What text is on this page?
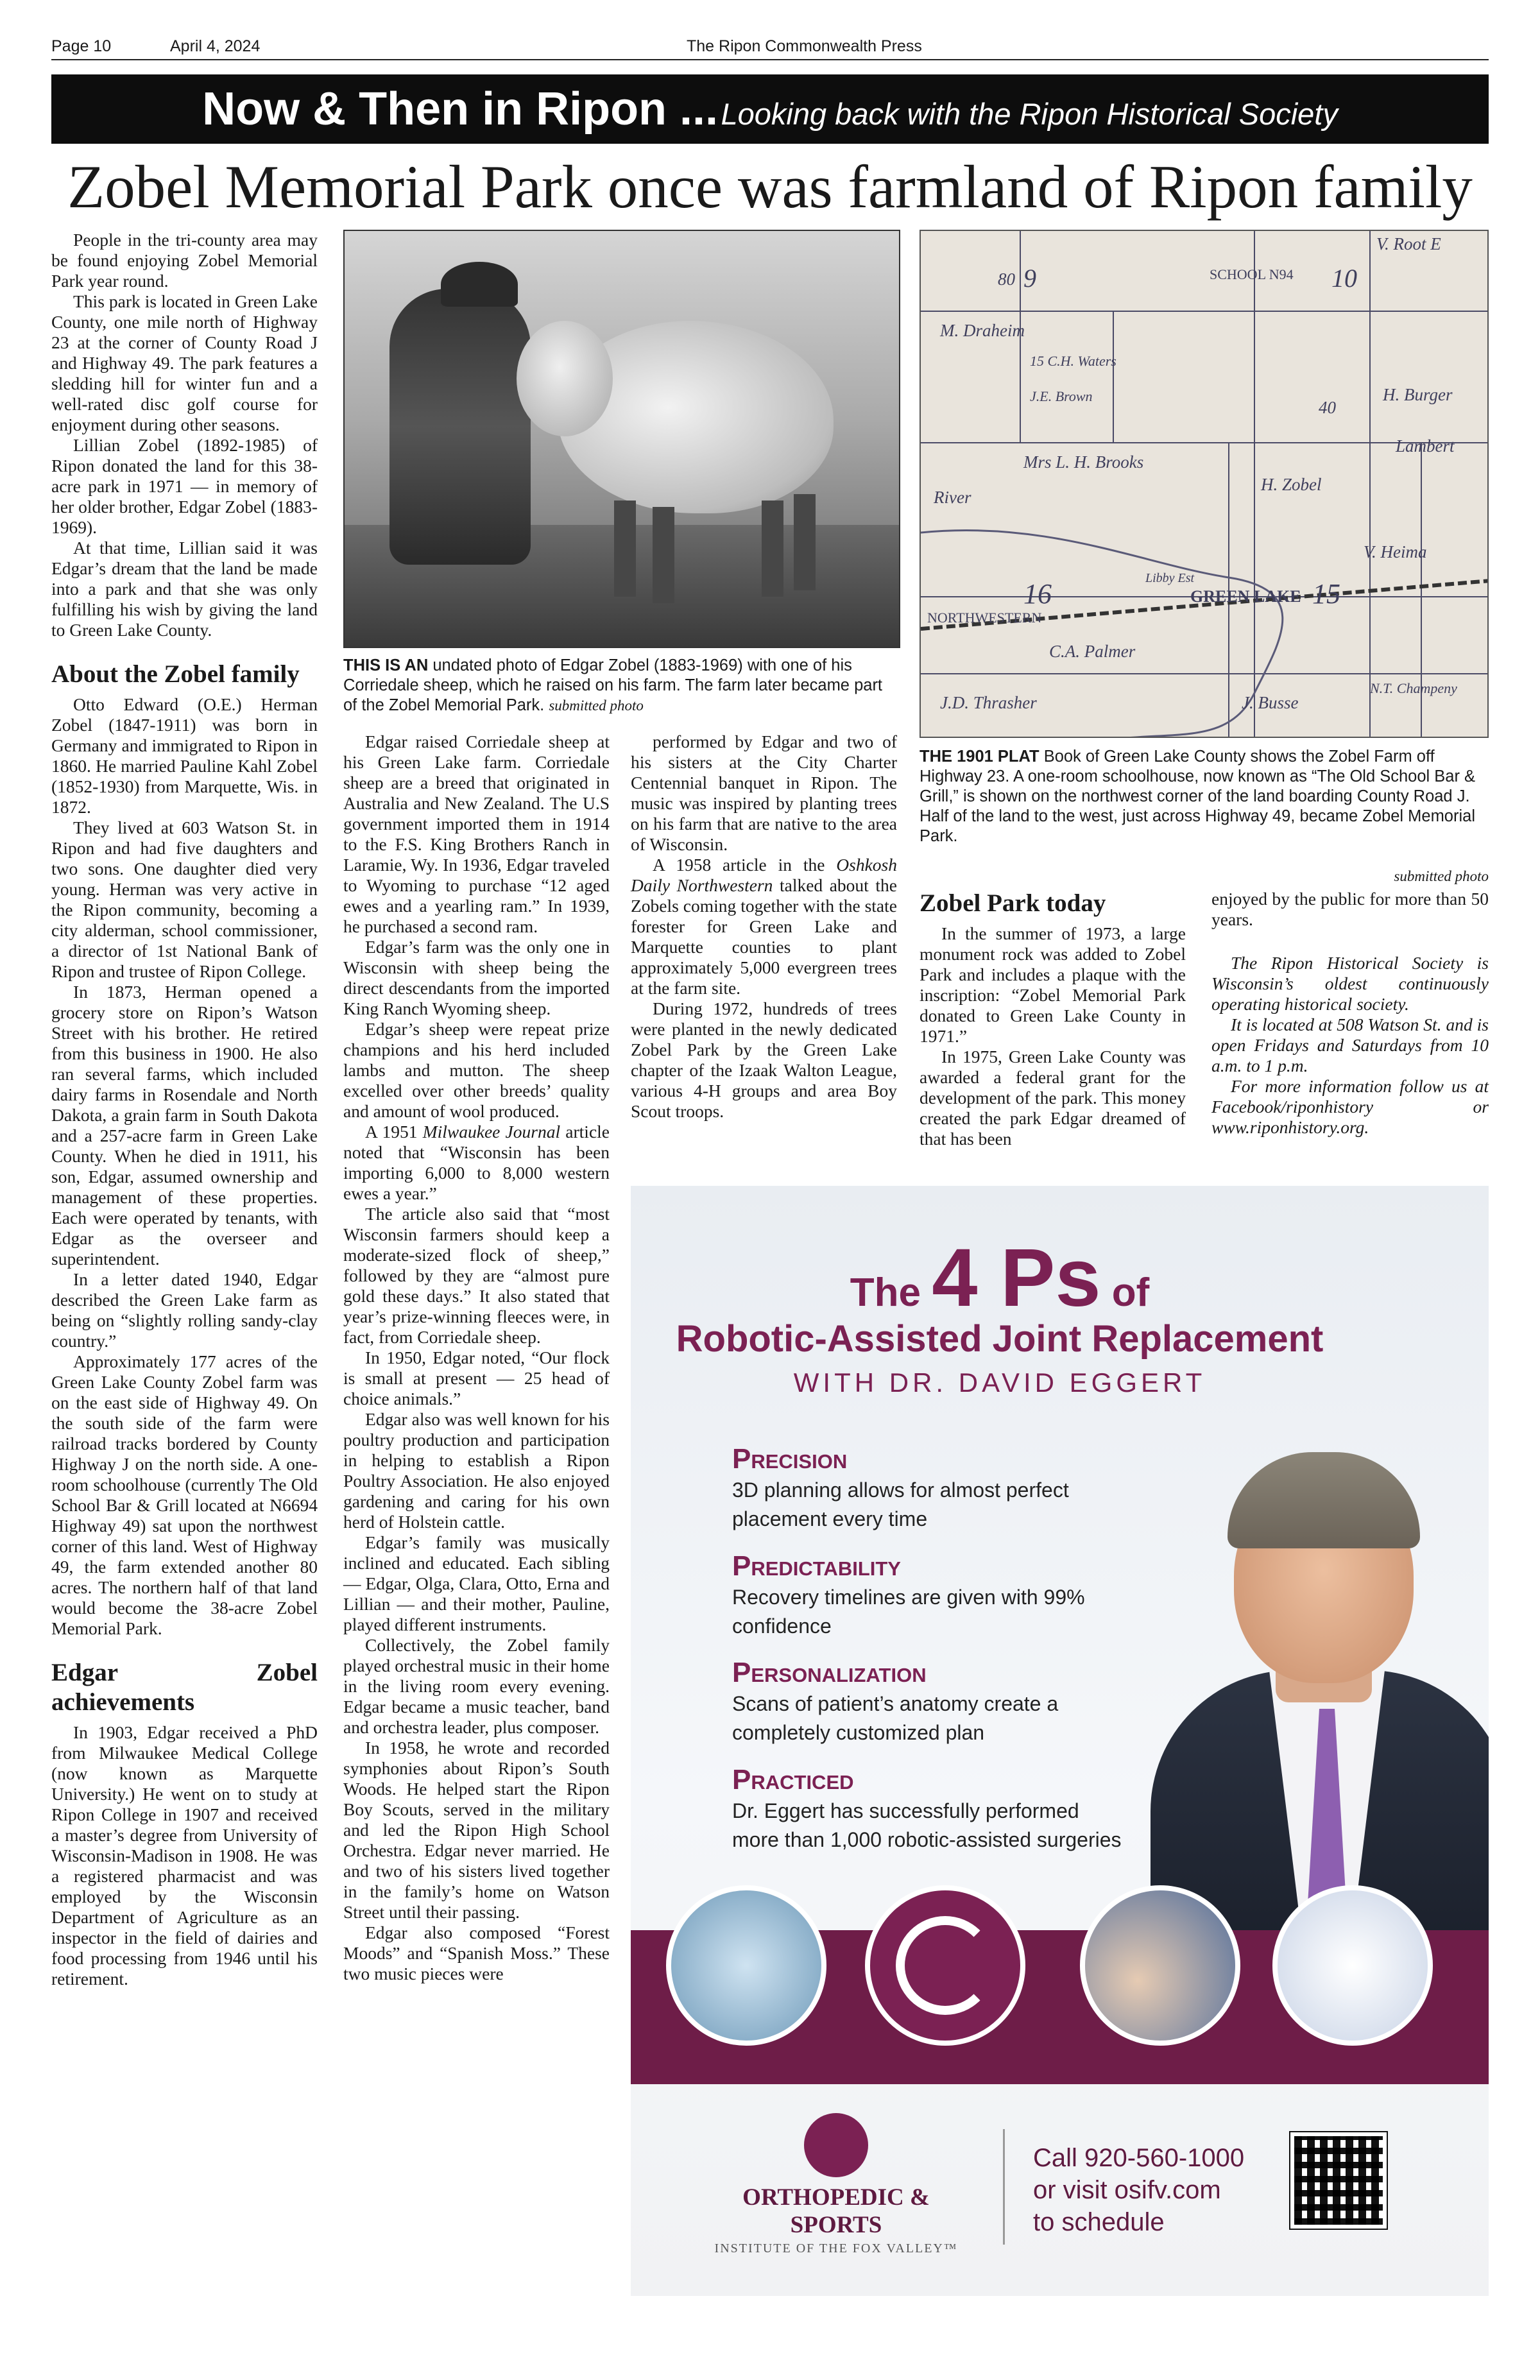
Page 10	April 4, 2024	The Ripon Commonwealth Press
Now & Then in Ripon ... Looking back with the Ripon Historical Society
Zobel Memorial Park once was farmland of Ripon family

People in the tri-county area may be found enjoying Zobel Memorial Park year round.

This park is located in Green Lake County, one mile north of Highway 23 at the corner of County Road J and Highway 49. The park features a sledding hill for winter fun and a well-rated disc golf course for enjoyment during other seasons.

Lillian Zobel (1892-1985) of Ripon donated the land for this 38-acre park in 1971 — in memory of her older brother, Edgar Zobel (1883-1969).

At that time, Lillian said it was Edgar’s dream that the land be made into a park and that she was only fulfilling his wish by giving the land to Green Lake County.

About the Zobel family

Otto Edward (O.E.) Herman Zobel (1847-1911) was born in Germany and immigrated to Ripon in 1860. He married Pauline Kahl Zobel (1852-1930) from Marquette, Wis. in 1872.

They lived at 603 Watson St. in Ripon and had five daughters and two sons. One daughter died very young. Herman was very active in the Ripon community, becoming a city alderman, school commissioner, a director of 1st National Bank of Ripon and trustee of Ripon College.

In 1873, Herman opened a grocery store on Ripon’s Watson Street with his brother. He retired from this business in 1900. He also ran several farms, which included dairy farms in Rosendale and North Dakota, a grain farm in South Dakota and a 257-acre farm in Green Lake County. When he died in 1911, his son, Edgar, assumed ownership and management of these properties. Each were operated by tenants, with Edgar as the overseer and superintendent.

In a letter dated 1940, Edgar described the Green Lake farm as being on “slightly rolling sandy-clay country.”

Approximately 177 acres of the Green Lake County Zobel farm was on the east side of Highway 49. On the south side of the farm were railroad tracks bordered by County Highway J on the north side. A one-room schoolhouse (currently The Old School Bar & Grill located at N6694 Highway 49) sat upon the northwest corner of this land. West of Highway 49, the farm extended another 80 acres. The northern half of that land would become the 38-acre Zobel Memorial Park.

Edgar Zobel achievements

In 1903, Edgar received a PhD from Milwaukee Medical College (now known as Marquette University.) He went on to study at Ripon College in 1907 and received a master’s degree from University of Wisconsin-Madison in 1908. He was a registered pharmacist and was employed by the Wisconsin Department of Agriculture as an inspector in the field of dairies and food processing from 1946 until his retirement.

THIS IS AN undated photo of Edgar Zobel (1883-1969) with one of his Corriedale sheep, which he raised on his farm. The farm later became part of the Zobel Memorial Park. submitted photo

Edgar raised Corriedale sheep at his Green Lake farm. Corriedale sheep are a breed that originated in Australia and New Zealand. The U.S government imported them in 1914 to the F.S. King Brothers Ranch in Laramie, Wy. In 1936, Edgar traveled to Wyoming to purchase “12 aged ewes and a yearling ram.” In 1939, he purchased a second ram.

Edgar’s farm was the only one in Wisconsin with sheep being the direct descendants from the imported King Ranch Wyoming sheep.

Edgar’s sheep were repeat prize champions and his herd included lambs and mutton. The sheep excelled over other breeds’ quality and amount of wool produced.

A 1951 Milwaukee Journal article noted that “Wisconsin has been importing 6,000 to 8,000 western ewes a year.”

The article also said that “most Wisconsin farmers should keep a moderate-sized flock of sheep,” followed by they are “almost pure gold these days.” It also stated that year’s prize-winning fleeces were, in fact, from Corriedale sheep.

In 1950, Edgar noted, “Our flock is small at present — 25 head of choice animals.”

Edgar also was well known for his poultry production and participation in helping to establish a Ripon Poultry Association. He also enjoyed gardening and caring for his own herd of Holstein cattle.

Edgar’s family was musically inclined and educated. Each sibling — Edgar, Olga, Clara, Otto, Erna and Lillian — and their mother, Pauline, played different instruments.

Collectively, the Zobel family played orchestral music in their home in the living room every evening. Edgar became a music teacher, band and orchestra leader, plus composer.

In 1958, he wrote and recorded symphonies about Ripon’s South Woods. He helped start the Ripon Boy Scouts, served in the military and led the Ripon High School Orchestra. Edgar never married. He and two of his sisters lived together in the family’s home on Watson Street until their passing.

Edgar also composed “Forest Moods” and “Spanish Moss.” These two music pieces were

performed by Edgar and two of his sisters at the City Charter Centennial banquet in Ripon. The music was inspired by planting trees on his farm that are native to the area of Wisconsin.

A 1958 article in the Oshkosh Daily Northwestern talked about the Zobels coming together with the state forester for Green Lake and Marquette counties to plant approximately 5,000 evergreen trees at the farm site.

During 1972, hundreds of trees were planted in the newly dedicated Zobel Park by the Green Lake chapter of the Izaak Walton League, various 4-H groups and area Boy Scout troops.

V. Root E
SCHOOL N94
M. Draheim
15 C.H. Waters
J.E. Brown
Mrs L. H. Brooks
River
H. Zobel
H. Burger
Lambert
V. Heima
GREEN LAKE
NORTHWESTERN
C.A. Palmer
J. Busse
J.D. Thrasher
Libby Est
N.T. Champeny
16	15
40
80 9	10
THE 1901 PLAT Book of Green Lake County shows the Zobel Farm off Highway 23. A one-room schoolhouse, now known as “The Old School Bar & Grill,” is shown on the northwest corner of the land boarding County Road J. Half of the land to the west, just across Highway 49, became Zobel Memorial Park.
submitted photo
Zobel Park today

In the summer of 1973, a large monument rock was added to Zobel Park and includes a plaque with the inscription: “Zobel Memorial Park donated to Green Lake County in 1971.”

In 1975, Green Lake County was awarded a federal grant for the development of the park. This money created the park Edgar dreamed of that has been

enjoyed by the public for more than 50 years.

The Ripon Historical Society is Wisconsin’s oldest continuously operating historical society.

It is located at 508 Watson St. and is open Fridays and Saturdays from 10 a.m. to 1 p.m.

For more information follow us at Facebook/riponhistory or www.riponhistory.org.

The 4 Ps of
Robotic-Assisted Joint Replacement
WITH DR. DAVID EGGERT
Precision
3D planning allows for almost perfect placement every time
Predictability
Recovery timelines are given with 99% confidence
Personalization
Scans of patient’s anatomy create a completely customized plan
Practiced
Dr. Eggert has successfully performed more than 1,000 robotic-assisted surgeries
ORTHOPEDIC & SPORTS
INSTITUTE OF THE FOX VALLEY™
Call 920-560-1000
or visit osifv.com
to schedule
